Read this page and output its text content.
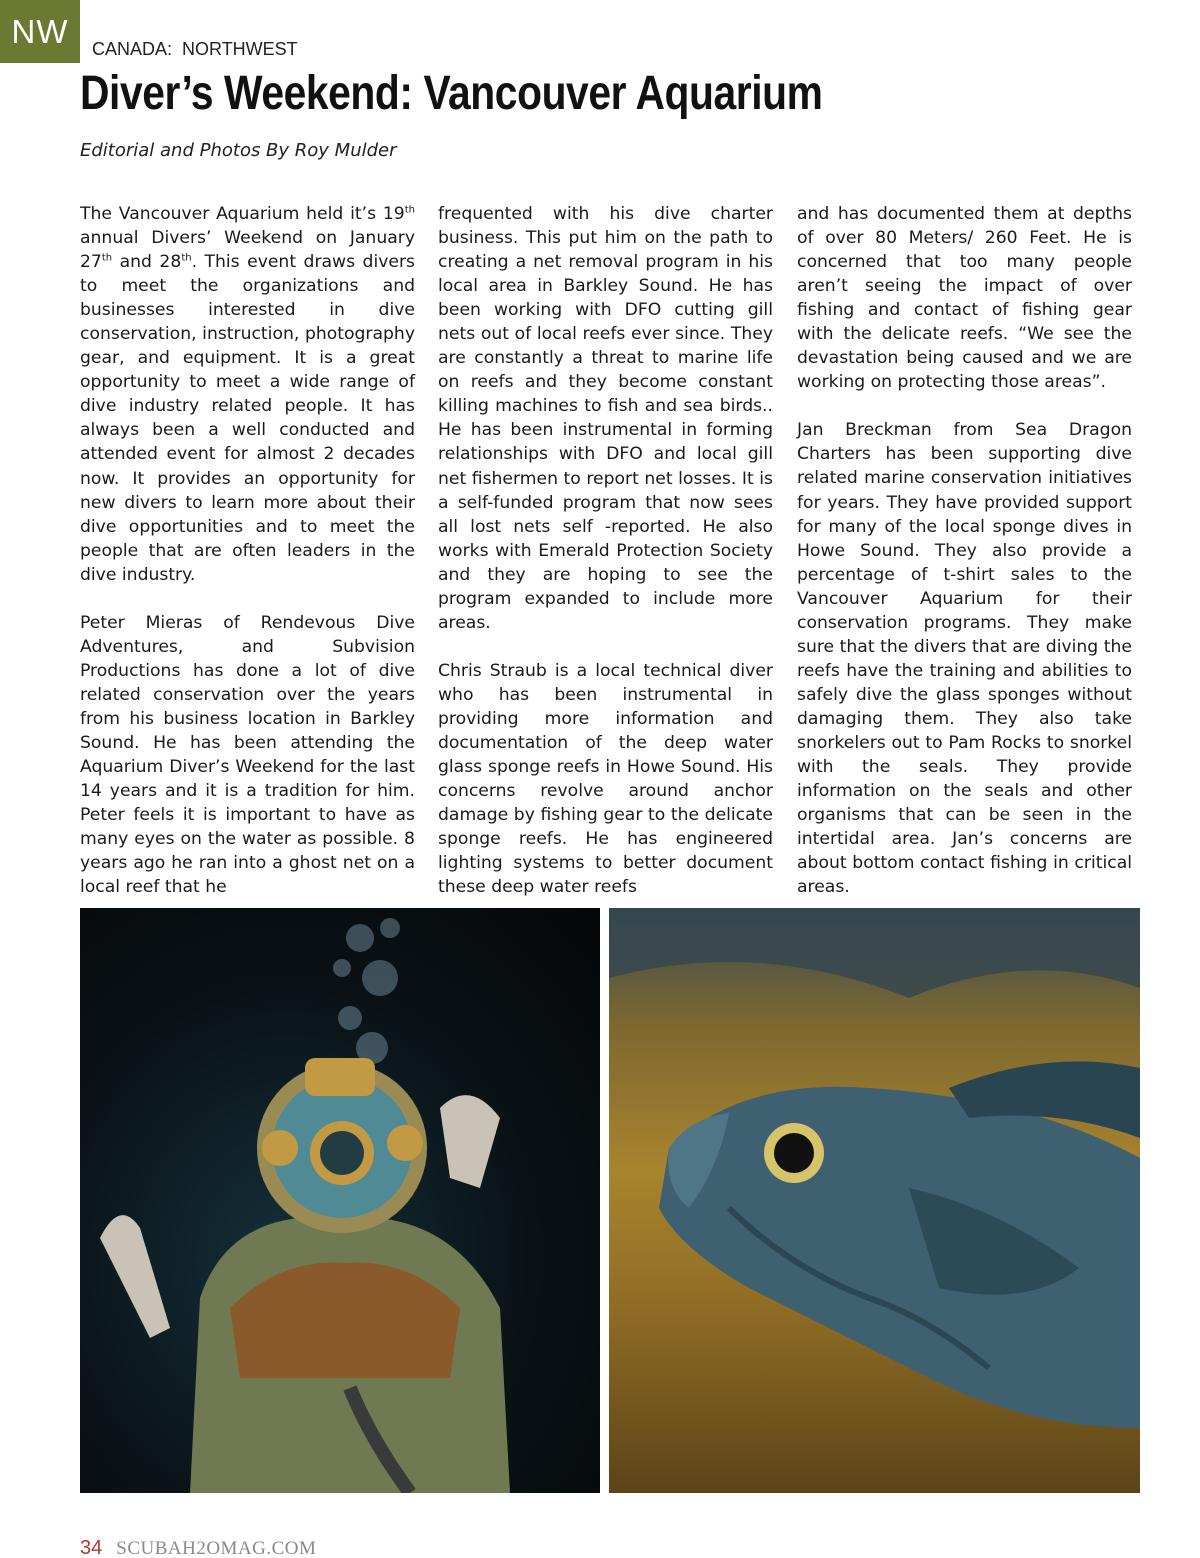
NW	CANADA:  NORTHWEST
Diver’s Weekend: Vancouver Aquarium
Editorial and Photos By Roy Mulder

The Vancouver Aquarium held it’s 19th annual Divers’ Weekend on January 27th and 28th. This event draws divers to meet the organizations and businesses interested in dive conservation, instruction, photography gear, and equipment. It is a great opportunity to meet a wide range of dive industry related people. It has always been a well conducted and attended event for almost 2 decades now. It provides an opportunity for new divers to learn more about their dive opportunities and to meet the people that are often leaders in the dive industry.

Peter Mieras of Rendevous Dive Adventures, and Subvision Productions has done a lot of dive related conservation over the years from his business location in Barkley Sound. He has been attending the Aquarium Diver’s Weekend for the last 14 years and it is a tradition for him. Peter feels it is important to have as many eyes on the water as possible. 8 years ago he ran into a ghost net on a local reef that he

frequented with his dive charter business. This put him on the path to creating a net removal program in his local area in Barkley Sound. He has been working with DFO cutting gill nets out of local reefs ever since. They are constantly a threat to marine life on reefs and they become constant killing machines to fish and sea birds.. He has been instrumental in forming relationships with DFO and local gill net fishermen to report net losses. It is a self-funded program that now sees all lost nets self -reported. He also works with Emerald Protection Society and they are hoping to see the program expanded to include more areas.

Chris Straub is a local technical diver who has been instrumental in providing more information and documentation of the deep water glass sponge reefs in Howe Sound. His concerns revolve around anchor damage by fishing gear to the delicate sponge reefs. He has engineered lighting systems to better document these deep water reefs

and has documented them at depths of over 80 Meters/ 260 Feet. He is concerned that too many people aren’t seeing the impact of over fishing and contact of fishing gear with the delicate reefs. “We see the devastation being caused and we are working on protecting those areas”.

Jan Breckman from Sea Dragon Charters has been supporting dive related marine conservation initiatives for years. They have provided support for many of the local sponge dives in Howe Sound. They also provide a percentage of t-shirt sales to the Vancouver Aquarium for their conservation programs. They make sure that the divers that are diving the reefs have the training and abilities to safely dive the glass sponges without damaging them. They also take snorkelers out to Pam Rocks to snorkel with the seals. They provide information on the seals and other organisms that can be seen in the intertidal area. Jan’s concerns are about bottom contact fishing in critical areas.

34 SCUBAH2OMAG.COM
